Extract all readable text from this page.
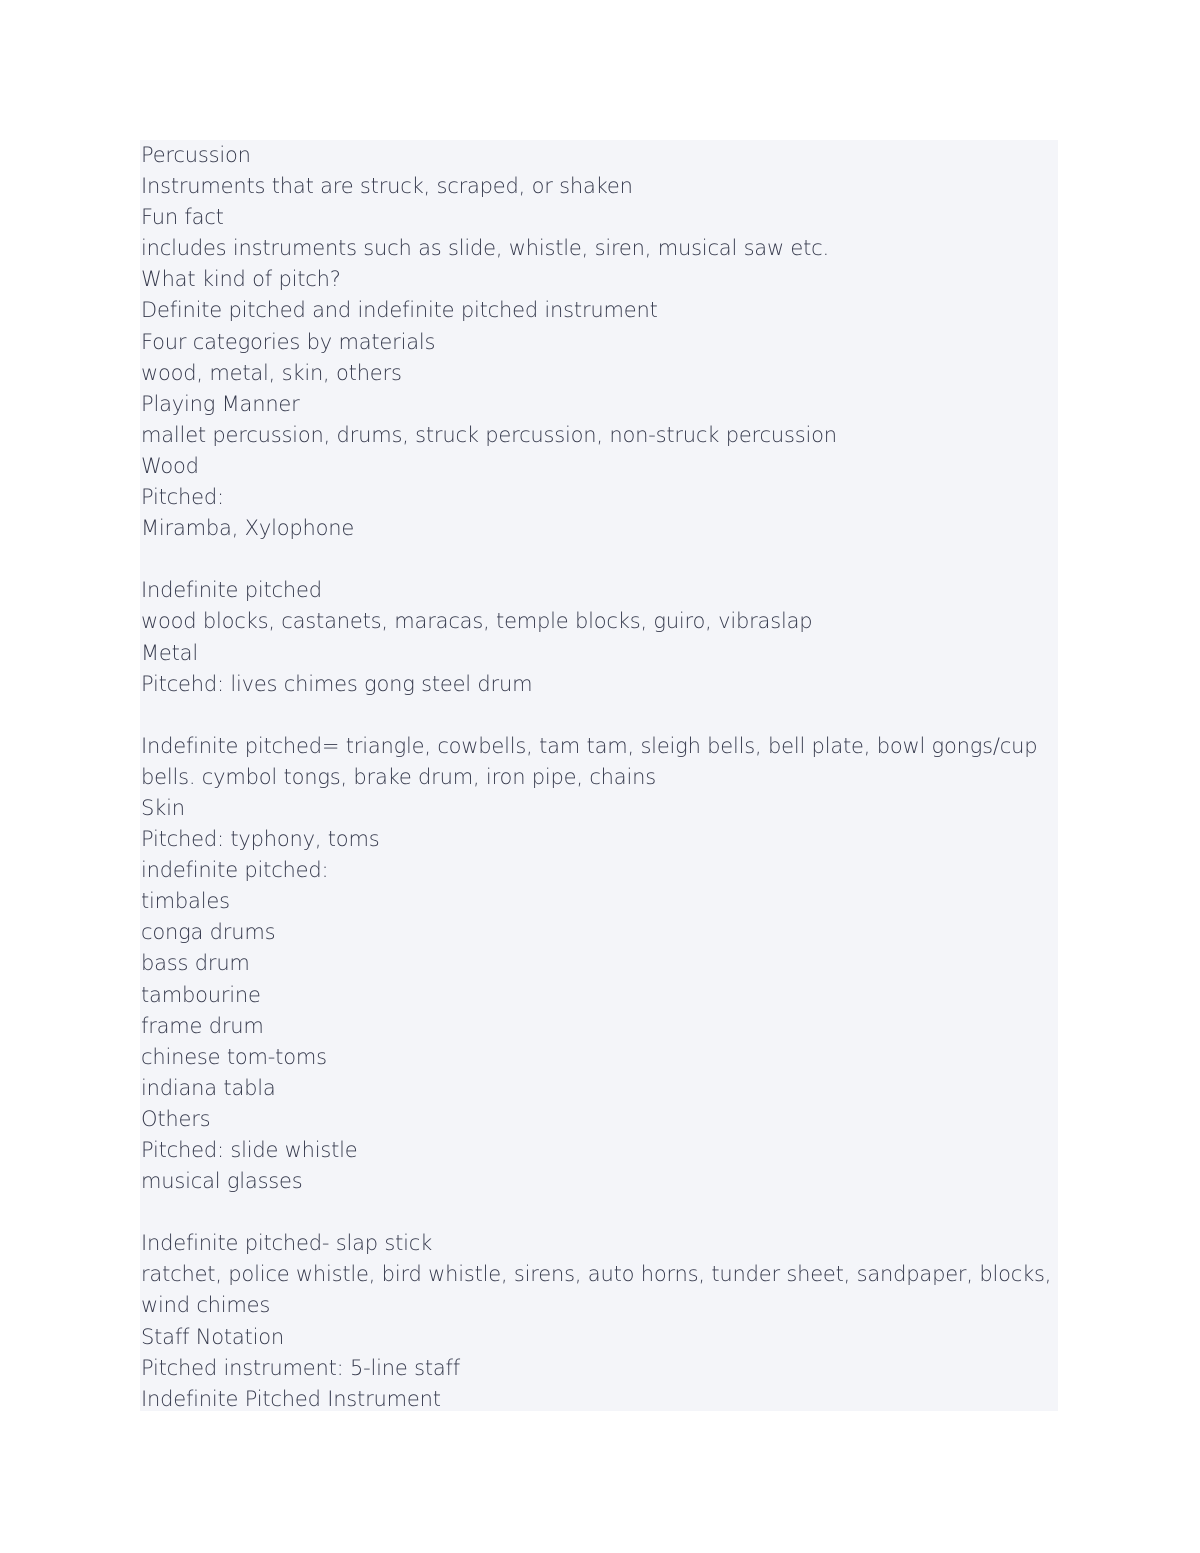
Percussion
Instruments that are struck, scraped, or shaken
Fun fact
includes instruments such as slide, whistle, siren, musical saw etc.
What kind of pitch?
Definite pitched and indefinite pitched instrument
Four categories by materials
wood, metal, skin, others
Playing Manner
mallet percussion, drums, struck percussion, non-struck percussion
Wood
Pitched:
Miramba, Xylophone
Indefinite pitched
wood blocks, castanets, maracas, temple blocks, guiro, vibraslap
Metal
Pitcehd: lives chimes gong steel drum
Indefinite pitched= triangle, cowbells, tam tam, sleigh bells, bell plate, bowl gongs/cup
bells. cymbol tongs, brake drum, iron pipe, chains
Skin
Pitched: typhony, toms
indefinite pitched:
timbales
conga drums
bass drum
tambourine
frame drum
chinese tom-toms
indiana tabla
Others
Pitched: slide whistle
musical glasses
Indefinite pitched- slap stick
ratchet, police whistle, bird whistle, sirens, auto horns, tunder sheet, sandpaper, blocks,
wind chimes
Staff Notation
Pitched instrument: 5-line staff
Indefinite Pitched Instrument
